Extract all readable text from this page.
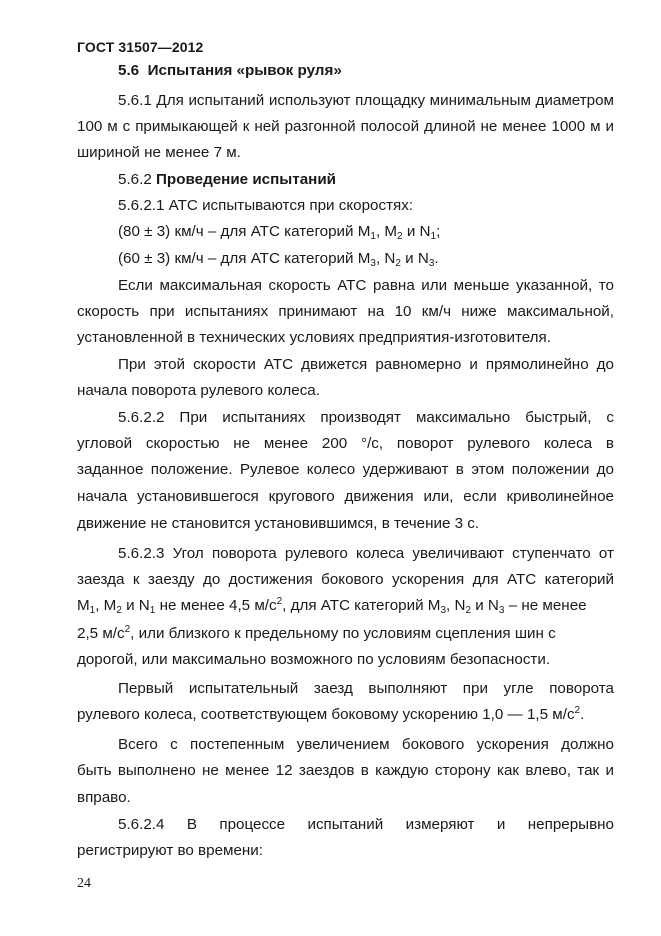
ГОСТ 31507—2012
5.6 Испытания «рывок руля»
5.6.1 Для испытаний используют площадку минимальным диаметром
100 м с примыкающей к ней разгонной полосой длиной не менее 1000 м и
шириной не менее 7 м.
5.6.2 Проведение испытаний
5.6.2.1 АТС испытываются при скоростях:
(80 ± 3) км/ч – для АТС категорий $M_1$, $M_2$ и $N_1$;
(60 ± 3) км/ч – для АТС категорий $M_3$, $N_2$ и $N_3$.
Если максимальная скорость АТС равна или меньше указанной, то
скорость при испытаниях принимают на 10 км/ч ниже максимальной,
установленной в технических условиях предприятия-изготовителя.
При этой скорости АТС движется равномерно и прямолинейно до
начала поворота рулевого колеса.
5.6.2.2 При испытаниях производят максимально быстрый, с
угловой скоростью не менее 200 °/с, поворот рулевого колеса в
заданное положение. Рулевое колесо удерживают в этом положении до
начала установившегося кругового движения или, если криволинейное
движение не становится установившимся, в течение 3 с.
5.6.2.3 Угол поворота рулевого колеса увеличивают ступенчато от
заезда к заезду до достижения бокового ускорения для АТС категорий
$M_1$, $M_2$ и $N_1$ не менее 4,5 $м/с^2$, для АТС категорий $M_3$, $N_2$ и $N_3$ – не менее
2,5 $м/с^2$, или близкого к предельному по условиям сцепления шин с
дорогой, или максимально возможного по условиям безопасности.
Первый испытательный заезд выполняют при угле поворота
рулевого колеса, соответствующем боковому ускорению 1,0 — 1,5 $м/с^2$.
Всего с постепенным увеличением бокового ускорения должно
быть выполнено не менее 12 заездов в каждую сторону как влево, так и
вправо.
5.6.2.4 В процессе испытаний измеряют и непрерывно
регистрируют во времени:
24
